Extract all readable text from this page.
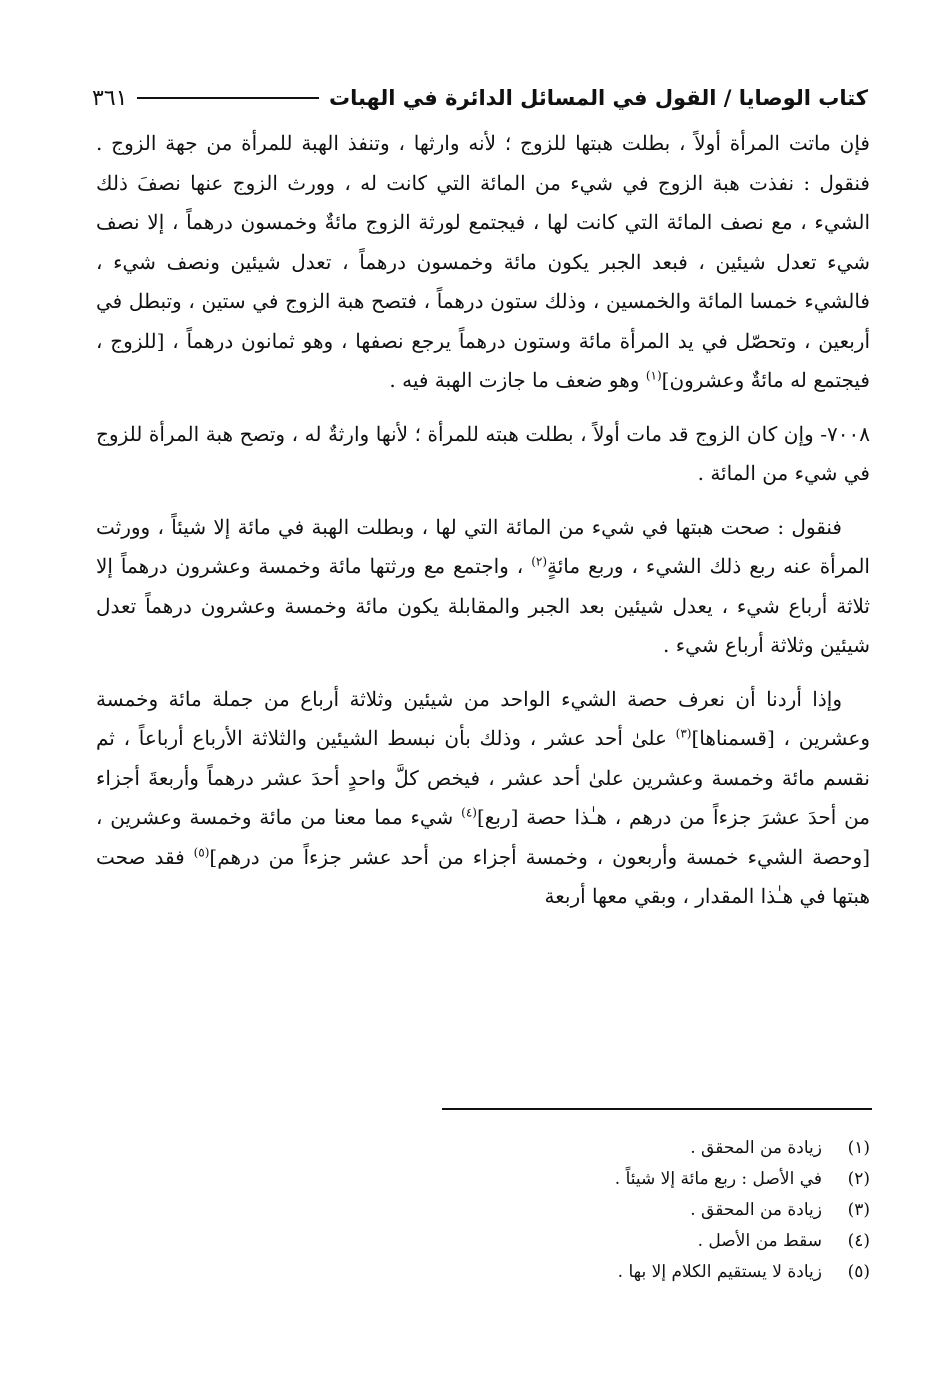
كتاب الوصايا / القول في المسائل الدائرة في الهبات
٣٦١

فإن ماتت المرأة أولاً ، بطلت هبتها للزوج ؛ لأنه وارثها ، وتنفذ الهبة للمرأة من جهة الزوج . فنقول : نفذت هبة الزوج في شيء من المائة التي كانت له ، وورث الزوج عنها نصفَ ذلك الشيء ، مع نصف المائة التي كانت لها ، فيجتمع لورثة الزوج مائةٌ وخمسون درهماً ، إلا نصف شيء تعدل شيئين ، فبعد الجبر يكون مائة وخمسون درهماً ، تعدل شيئين ونصف شيء ، فالشيء خمسا المائة والخمسين ، وذلك ستون درهماً ، فتصح هبة الزوج في ستين ، وتبطل في أربعين ، وتحصّل في يد المرأة مائة وستون درهماً يرجع نصفها ، وهو ثمانون درهماً ، [للزوج ، فيجتمع له مائةٌ وعشرون]$^{(١)}$ وهو ضعف ما جازت الهبة فيه .

٧٠٠٨- وإن كان الزوج قد مات أولاً ، بطلت هبته للمرأة ؛ لأنها وارثةٌ له ، وتصح هبة المرأة للزوج في شيء من المائة .

فنقول : صحت هبتها في شيء من المائة التي لها ، وبطلت الهبة في مائة إلا شيئاً ، وورثت المرأة عنه ربع ذلك الشيء ، وربع مائةٍ$^{(٢)}$ ، واجتمع مع ورثتها مائة وخمسة وعشرون درهماً إلا ثلاثة أرباع شيء ، يعدل شيئين بعد الجبر والمقابلة يكون مائة وخمسة وعشرون درهماً تعدل شيئين وثلاثة أرباع شيء .

وإذا أردنا أن نعرف حصة الشيء الواحد من شيئين وثلاثة أرباع من جملة مائة وخمسة وعشرين ، [قسمناها]$^{(٣)}$ علىٰ أحد عشر ، وذلك بأن نبسط الشيئين والثلاثة الأرباع أرباعاً ، ثم نقسم مائة وخمسة وعشرين علىٰ أحد عشر ، فيخص كلَّ واحدٍ أحدَ عشر درهماً وأربعةَ أجزاء من أحدَ عشرَ جزءاً من درهم ، هـٰذا حصة [ربع]$^{(٤)}$ شيء مما معنا من مائة وخمسة وعشرين ، [وحصة الشيء خمسة وأربعون ، وخمسة أجزاء من أحد عشر جزءاً من درهم]$^{(٥)}$ فقد صحت هبتها في هـٰذا المقدار ، وبقي معها أربعة

(١)
زيادة من المحقق .
(٢)
في الأصل : ربع مائة إلا شيئاً .
(٣)
زيادة من المحقق .
(٤)
سقط من الأصل .
(٥)
زيادة لا يستقيم الكلام إلا بها .
